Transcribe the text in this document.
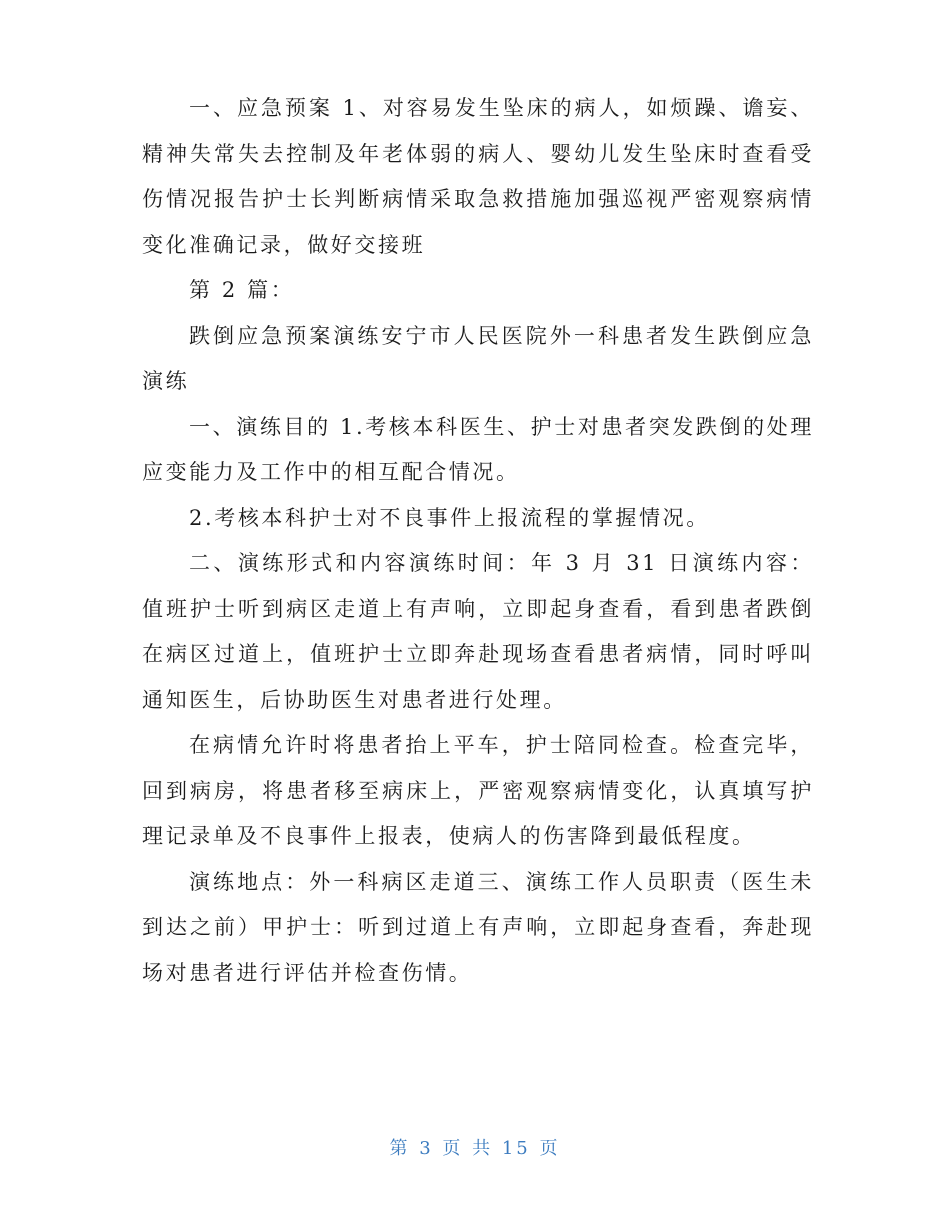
一、应急预案 1、对容易发生坠床的病人，如烦躁、谵妄、精神失常失去控制及年老体弱的病人、婴幼儿发生坠床时查看受伤情况报告护士长判断病情采取急救措施加强巡视严密观察病情变化准确记录，做好交接班

第 2 篇：

跌倒应急预案演练安宁市人民医院外一科患者发生跌倒应急演练

一、演练目的 1.考核本科医生、护士对患者突发跌倒的处理应变能力及工作中的相互配合情况。

2.考核本科护士对不良事件上报流程的掌握情况。

二、演练形式和内容演练时间：年 3 月 31 日演练内容：值班护士听到病区走道上有声响，立即起身查看，看到患者跌倒在病区过道上，值班护士立即奔赴现场查看患者病情，同时呼叫通知医生，后协助医生对患者进行处理。

在病情允许时将患者抬上平车，护士陪同检查。检查完毕，回到病房，将患者移至病床上，严密观察病情变化，认真填写护理记录单及不良事件上报表，使病人的伤害降到最低程度。

演练地点：外一科病区走道三、演练工作人员职责（医生未到达之前）甲护士：听到过道上有声响，立即起身查看，奔赴现场对患者进行评估并检查伤情。

第 3 页 共 15 页
